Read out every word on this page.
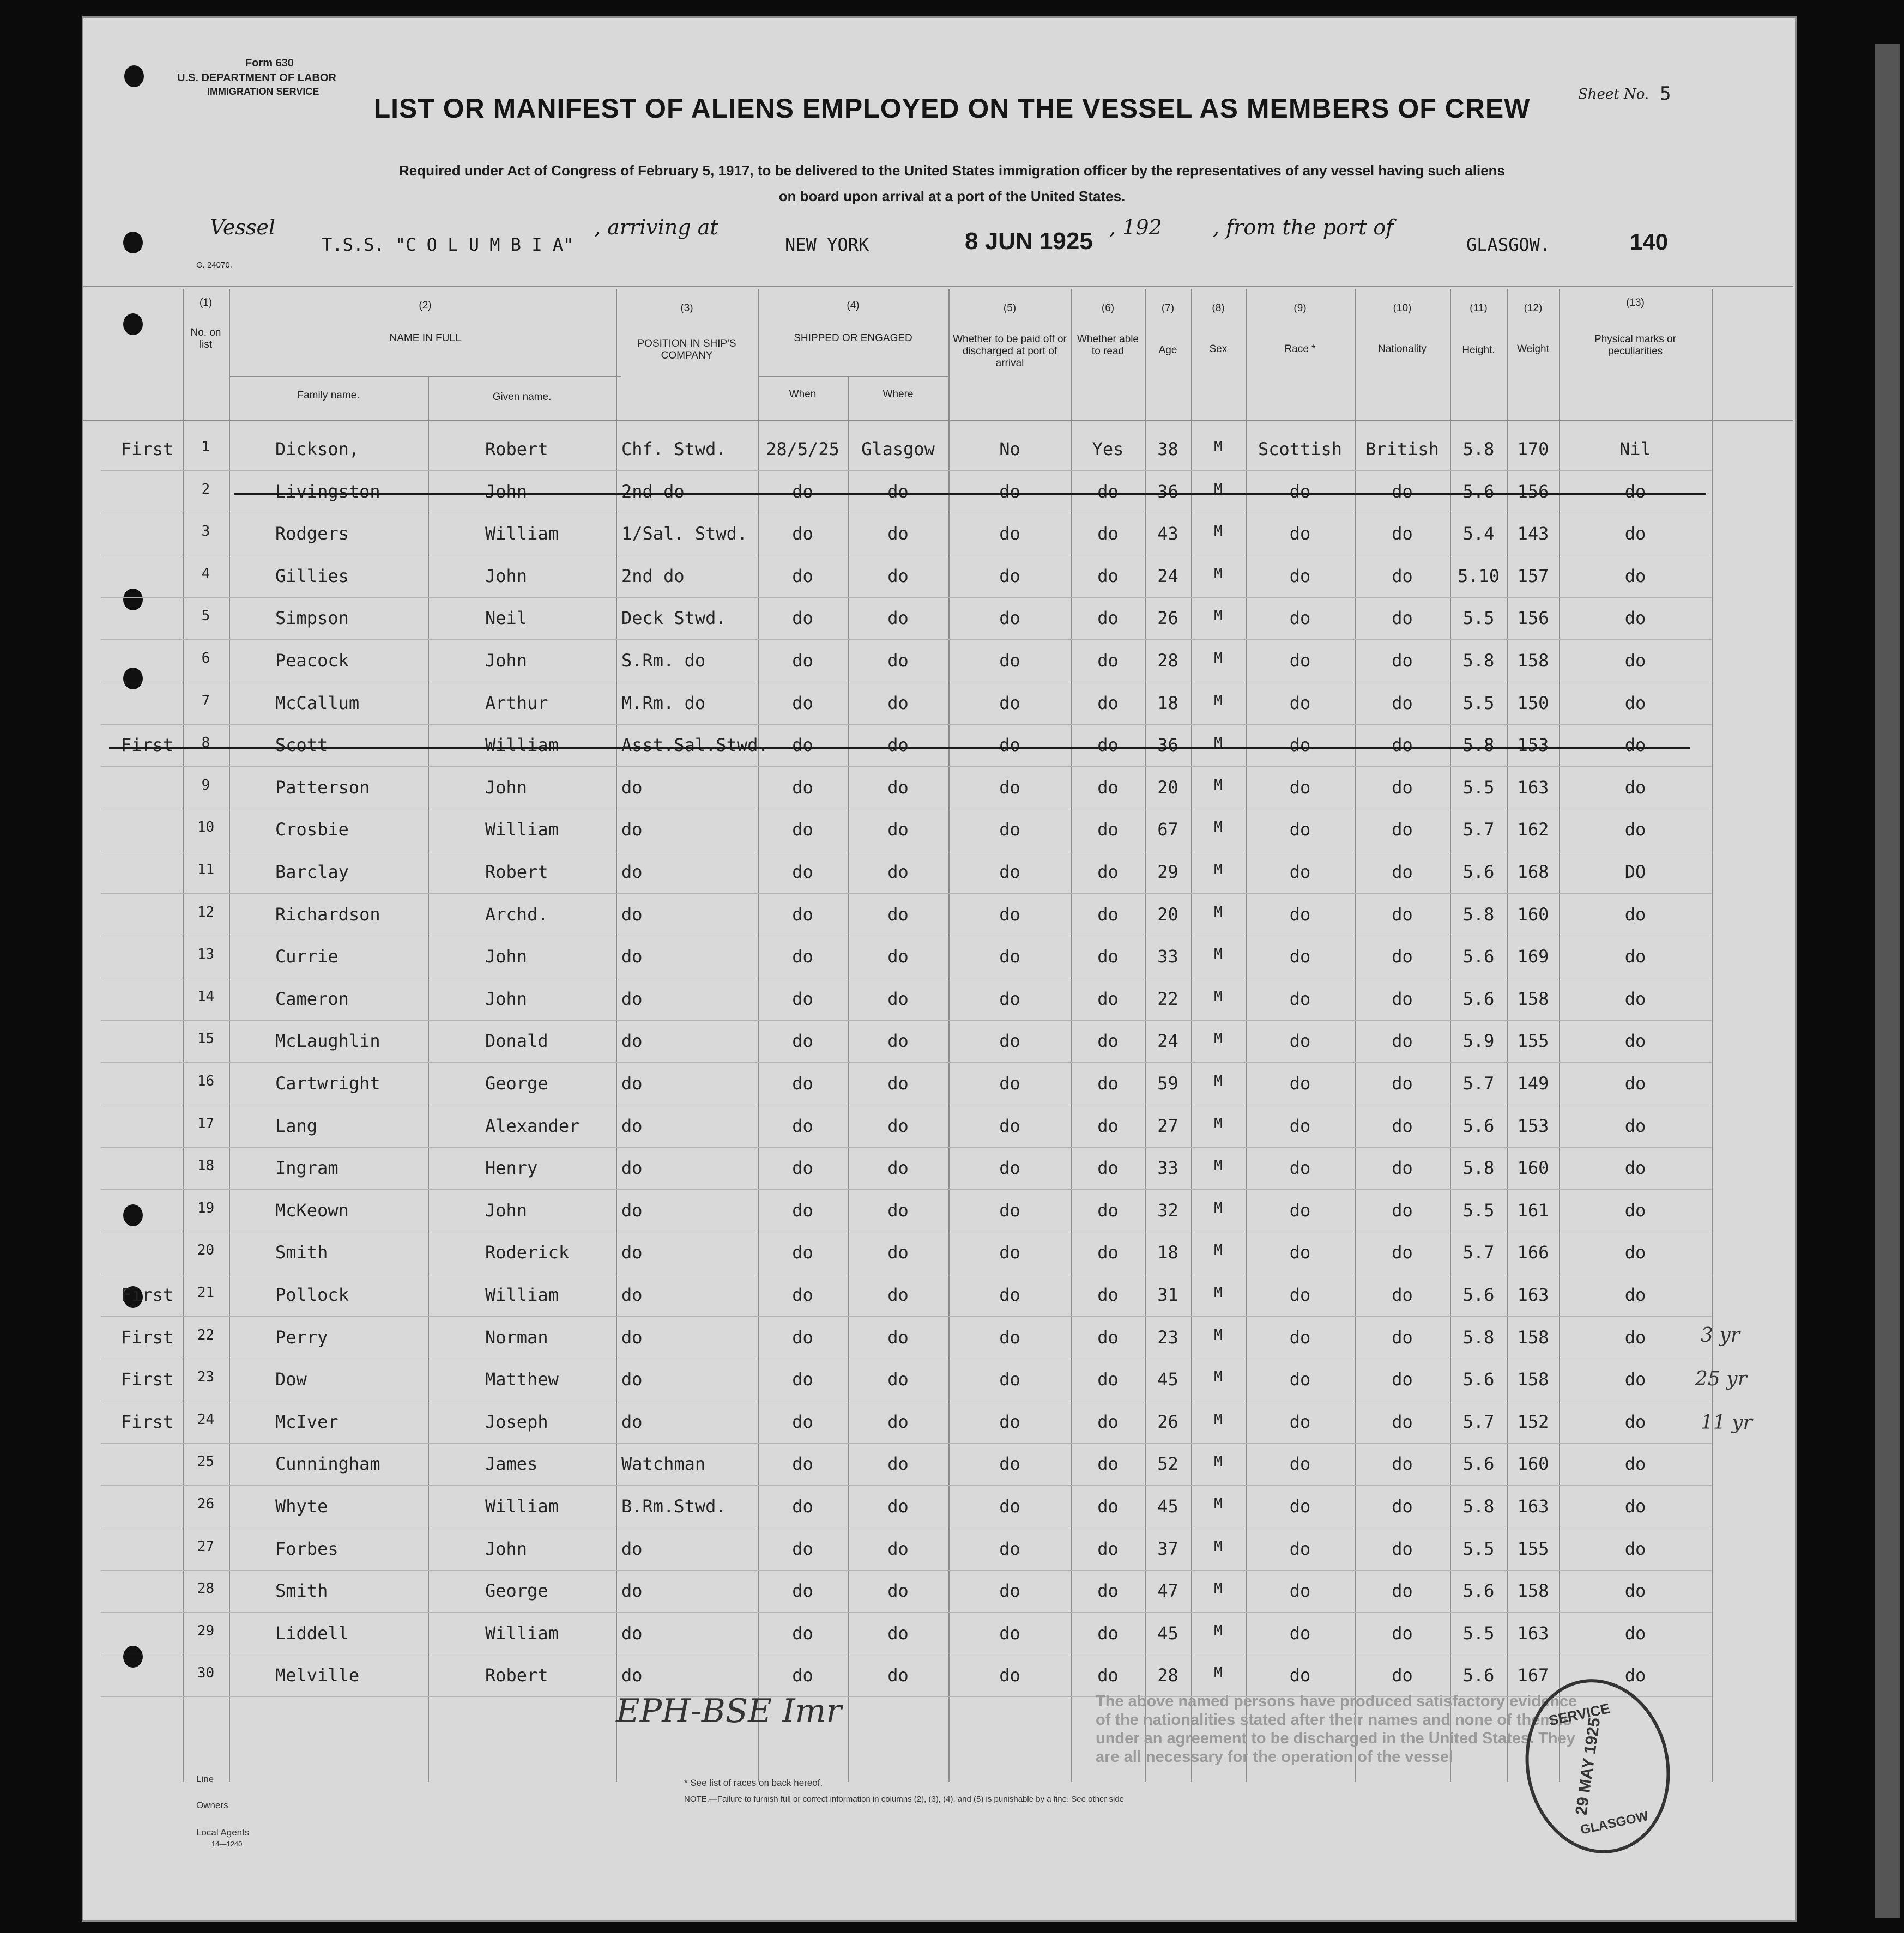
Form 630
U.S. DEPARTMENT OF LABOR
IMMIGRATION SERVICE	Sheet No. 5
LIST OR MANIFEST OF ALIENS EMPLOYED ON THE VESSEL AS MEMBERS OF CREW
Required under Act of Congress of February 5, 1917, to be delivered to the United States immigration officer by the representatives of any vessel having such aliens
on board upon arrival at a port of the United States.
Vessel
T.S.S. "C O L U M B I A"
, arriving at
NEW YORK	8 JUN 1925
, 192 , from the port of
GLASGOW.	140
G. 24070.
(1)
No. on list
(2)
NAME IN FULL
Family name.	Given name.
(3)
POSITION IN SHIP'S COMPANY
(4)
SHIPPED OR ENGAGED
When	Where
(5)
Whether to be paid off or discharged at port of arrival
(6)
Whether able to read
(7)
Age
(8)
Sex
(9)
Race *
(10)
Nationality
(11)
Height.
(12)
Weight
(13)
Physical marks or peculiarities
First	1	Dickson,	Robert	Chf. Stwd.	28/5/25	Glasgow	No	Yes	38	M	Scottish	British	5.8	170	Nil
2	Livingston	John	2nd do	do	do	do	do	36	M	do	do	5.6	156	do
3	Rodgers	William	1/Sal. Stwd.	do	do	do	do	43	M	do	do	5.4	143	do
4	Gillies	John	2nd do	do	do	do	do	24	M	do	do	5.10	157	do
5	Simpson	Neil	Deck Stwd.	do	do	do	do	26	M	do	do	5.5	156	do
6	Peacock	John	S.Rm. do	do	do	do	do	28	M	do	do	5.8	158	do
7	McCallum	Arthur	M.Rm. do	do	do	do	do	18	M	do	do	5.5	150	do
First	8	Scott	William	Asst.Sal.Stwd.	do	do	do	do	36	M	do	do	5.8	153	do
9	Patterson	John	do	do	do	do	do	20	M	do	do	5.5	163	do
10	Crosbie	William	do	do	do	do	do	67	M	do	do	5.7	162	do
11	Barclay	Robert	do	do	do	do	do	29	M	do	do	5.6	168	DO
12	Richardson	Archd.	do	do	do	do	do	20	M	do	do	5.8	160	do
13	Currie	John	do	do	do	do	do	33	M	do	do	5.6	169	do
14	Cameron	John	do	do	do	do	do	22	M	do	do	5.6	158	do
15	McLaughlin	Donald	do	do	do	do	do	24	M	do	do	5.9	155	do
16	Cartwright	George	do	do	do	do	do	59	M	do	do	5.7	149	do
17	Lang	Alexander	do	do	do	do	do	27	M	do	do	5.6	153	do
18	Ingram	Henry	do	do	do	do	do	33	M	do	do	5.8	160	do
19	McKeown	John	do	do	do	do	do	32	M	do	do	5.5	161	do
20	Smith	Roderick	do	do	do	do	do	18	M	do	do	5.7	166	do
First	21	Pollock	William	do	do	do	do	do	31	M	do	do	5.6	163	do
First	22	Perry	Norman	do	do	do	do	do	23	M	do	do	5.8	158	do
First	23	Dow	Matthew	do	do	do	do	do	45	M	do	do	5.6	158	do
First	24	McIver	Joseph	do	do	do	do	do	26	M	do	do	5.7	152	do
25	Cunningham	James	Watchman	do	do	do	do	52	M	do	do	5.6	160	do
26	Whyte	William	B.Rm.Stwd.	do	do	do	do	45	M	do	do	5.8	163	do
27	Forbes	John	do	do	do	do	do	37	M	do	do	5.5	155	do
28	Smith	George	do	do	do	do	do	47	M	do	do	5.6	158	do
29	Liddell	William	do	do	do	do	do	45	M	do	do	5.5	163	do
30	Melville	Robert	do	do	do	do	do	28	M	do	do	5.6	167	do
Line
Owners
Local Agents
14—1240
* See list of races on back hereof.
NOTE.—Failure to furnish full or correct information in columns (2), (3), (4), and (5) is punishable by a fine. See other side
The above named persons have produced satisfactory evidence of the nationalities stated after their names and none of them is under an agreement to be discharged in the United States. They are all necessary for the operation of the vessel
SERVICE
29 MAY 1925
GLASGOW
EPH-BSE Imr
3 yr
25 yr
11 yr
